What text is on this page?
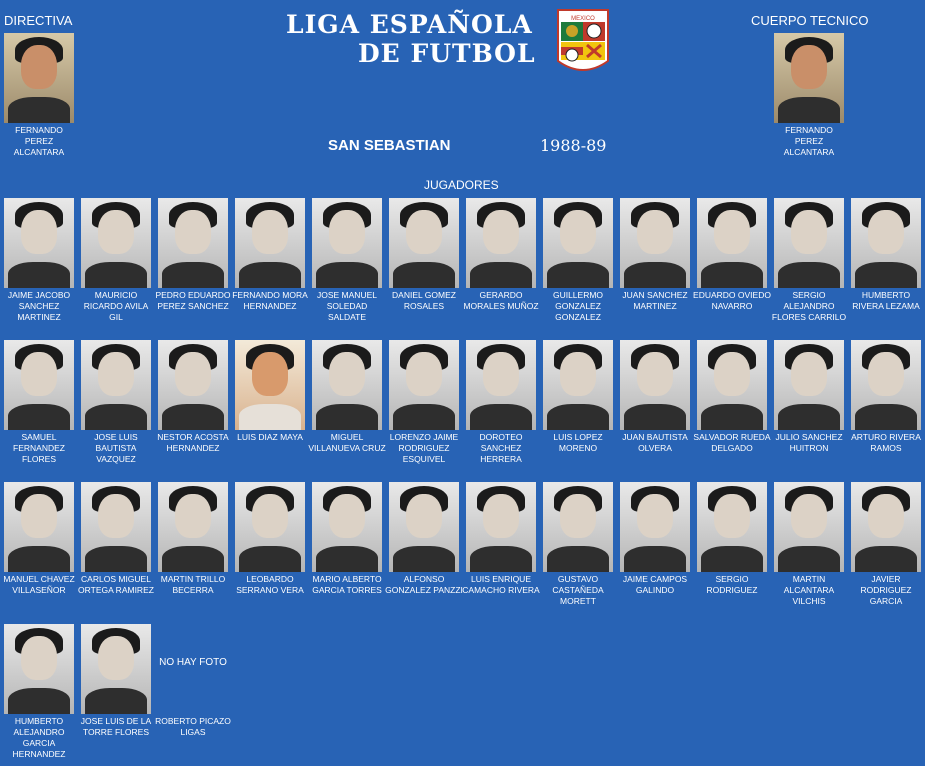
DIRECTIVA	CUERPO TECNICO
LIGA ESPAÑOLA
DE FUTBOL
MEXICO
FERNANDO PEREZ ALCANTARA
FERNANDO PEREZ ALCANTARA
SAN SEBASTIAN	1988-89
JUGADORES
JAIME JACOBO SANCHEZ MARTINEZ
MAURICIO RICARDO AVILA GIL
PEDRO EDUARDO PEREZ SANCHEZ
FERNANDO MORA HERNANDEZ
JOSE MANUEL SOLEDAD SALDATE
DANIEL GOMEZ ROSALES
GERARDO MORALES MUÑOZ
GUILLERMO GONZALEZ GONZALEZ
JUAN SANCHEZ MARTINEZ
EDUARDO OVIEDO NAVARRO
SERGIO ALEJANDRO FLORES CARRILO
HUMBERTO RIVERA LEZAMA
SAMUEL FERNANDEZ FLORES
JOSE LUIS BAUTISTA VAZQUEZ
NESTOR ACOSTA HERNANDEZ
LUIS DIAZ MAYA	MIGUEL VILLANUEVA CRUZ
LORENZO JAIME RODRIGUEZ ESQUIVEL
DOROTEO SANCHEZ HERRERA
LUIS LOPEZ MORENO
JUAN BAUTISTA OLVERA
SALVADOR RUEDA DELGADO
JULIO SANCHEZ HUITRON
ARTURO RIVERA RAMOS
MANUEL CHAVEZ VILLASEÑOR
CARLOS MIGUEL ORTEGA RAMIREZ
MARTIN TRILLO BECERRA
LEOBARDO SERRANO VERA
MARIO ALBERTO GARCIA TORRES
ALFONSO GONZALEZ PANZZI
LUIS ENRIQUE CAMACHO RIVERA
GUSTAVO CASTAÑEDA MORETT
JAIME CAMPOS GALINDO
SERGIO RODRIGUEZ
MARTIN ALCANTARA VILCHIS
JAVIER RODRIGUEZ GARCIA
HUMBERTO ALEJANDRO GARCIA HERNANDEZ
JOSE LUIS DE LA TORRE FLORES
ROBERTO PICAZO LIGAS
NO HAY FOTO
